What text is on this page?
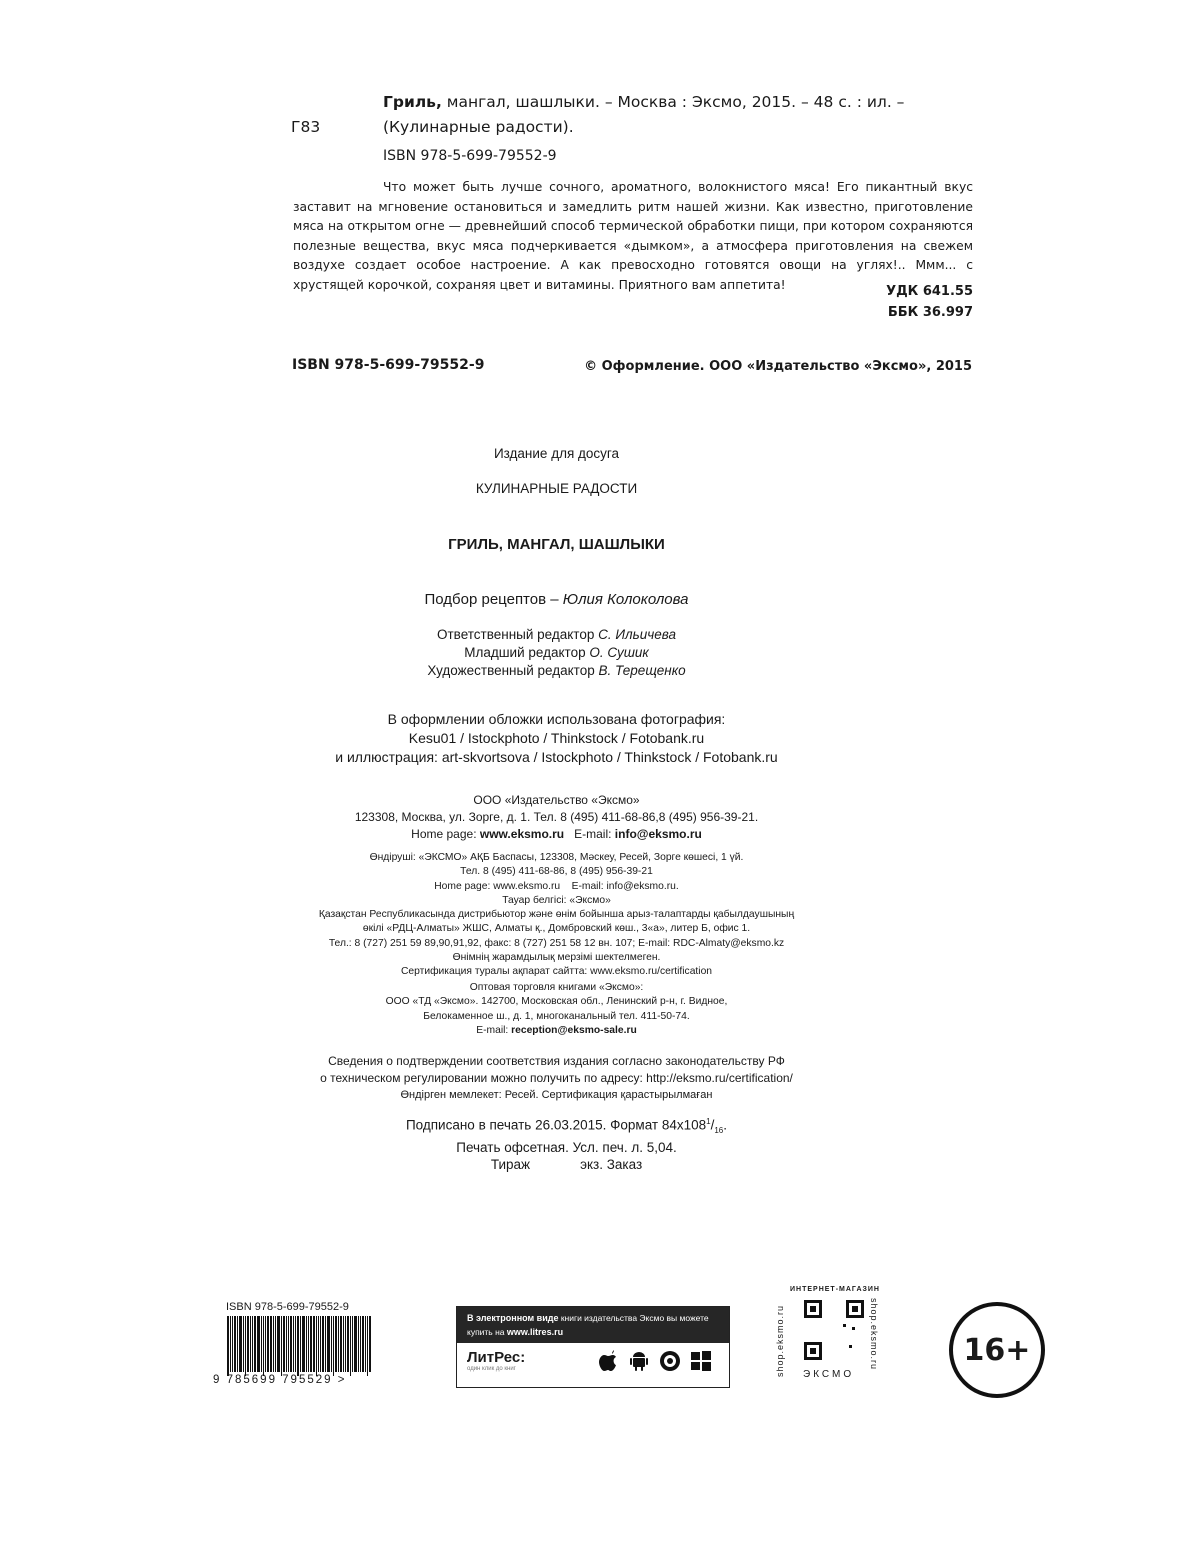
Г83
Гриль, мангал, шашлыки. – Москва : Эксмо, 2015. – 48 с. : ил. – (Кулинарные радости).
ISBN 978-5-699-79552-9
Что может быть лучше сочного, ароматного, волокнистого мяса! Его пикантный вкус заставит на мгновение остановиться и замедлить ритм нашей жизни. Как известно, приготовление мяса на открытом огне — древнейший способ термической обработки пищи, при котором сохраняются полезные вещества, вкус мяса подчеркивается «дымком», а атмосфера приготовления на свежем воздухе создает особое настроение. А как превосходно готовятся овощи на углях!.. Ммм... с хрустящей корочкой, сохраняя цвет и витамины. Приятного вам аппетита!	УДК 641.55
ББК 36.997
ISBN 978-5-699-79552-9	© Оформление. ООО «Издательство «Эксмо», 2015
Издание для досуга
КУЛИНАРНЫЕ РАДОСТИ
ГРИЛЬ, МАНГАЛ, ШАШЛЫКИ
Подбор рецептов – Юлия Колоколова
Ответственный редактор С. Ильичева
Младший редактор О. Сушик
Художественный редактор В. Терещенко
В оформлении обложки использована фотография:
Kesu01 / Istockphoto / Thinkstock / Fotobank.ru
и иллюстрация: art-skvortsova / Istockphoto / Thinkstock / Fotobank.ru
ООО «Издательство «Эксмо»
123308, Москва, ул. Зорге, д. 1. Тел. 8 (495) 411-68-86,8 (495) 956-39-21.
Home page: www.eksmo.ru   E-mail: info@eksmo.ru
Өндіруші: «ЭКСМО» АҚБ Баспасы, 123308, Мәскеу, Ресей, Зорге көшесі, 1 үй.
Тел. 8 (495) 411-68-86, 8 (495) 956-39-21
Home page: www.eksmo.ru    E-mail: info@eksmo.ru.
Тауар белгісі: «Эксмо»
Қазақстан Республикасында дистрибьютор және өнім бойынша арыз-талаптарды қабылдаушының
өкілі «РДЦ-Алматы» ЖШС, Алматы қ., Домбровский көш., 3«а», литер Б, офис 1.
Тел.: 8 (727) 251 59 89,90,91,92, факс: 8 (727) 251 58 12 вн. 107; E-mail: RDC-Almaty@eksmo.kz
Өнімнің жарамдылық мерзімі шектелмеген.
Сертификация туралы ақпарат сайтта: www.eksmo.ru/certification
Оптовая торговля книгами «Эксмо»:
ООО «ТД «Эксмо». 142700, Московская обл., Ленинский р-н, г. Видное,
Белокаменное ш., д. 1, многоканальный тел. 411-50-74.
E-mail: reception@eksmo-sale.ru
Сведения о подтверждении соответствия издания согласно законодательству РФ
о техническом регулировании можно получить по адресу: http://eksmo.ru/certification/
Өндірген мемлекет: Ресей. Сертификация қарастырылмаған
Подписано в печать 26.03.2015. Формат $84x108^1/_{16}$.
Печать офсетная. Усл. печ. л. 5,04.
Тираж	экз. Заказ
ISBN 978-5-699-79552-9
9 785699 795529 >
В электронном виде книги издательства Эксмо вы можете
купить на www.litres.ru
ЛитРес:
один клик до книг
ИНТЕРНЕТ-МАГАЗИН
shop.eksmo.ru	shop.eksmo.ru
ЭКСМО
16+
